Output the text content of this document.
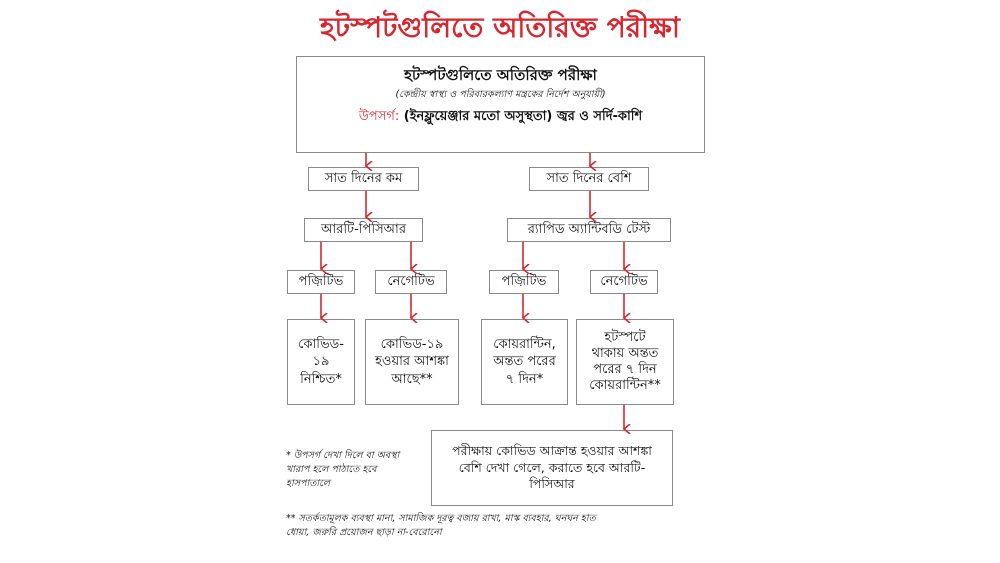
হটস্পটগুলিতে অতিরিক্ত পরীক্ষা
হটস্পটগুলিতে অতিরিক্ত পরীক্ষা
(কেন্দ্রীয় স্বাস্থ্য ও পরিবারকল্যাণ মন্ত্রকের নির্দেশ অনুযায়ী)
উপসর্গ: (ইনফ্লুয়েঞ্জার মতো অসুস্থতা) জ্বর ও সর্দি-কাশি
সাত দিনের কম
আরটি-পিসিআর
পজ়িটিভ	নেগেটিভ
কোভিড-
১৯
নিশ্চিত*
কোভিড-১৯
হওয়ার আশঙ্কা
আছে**
সাত দিনের বেশি
র‌্যাপিড অ্যান্টিবডি টেস্ট
পজ়িটিভ	নেগেটিভ
কোয়রান্টিন,
অন্তত পরের
৭ দিন*
হটস্পটে
থাকায় অন্তত
পরের ৭ দিন
কোয়রান্টিন**
পরীক্ষায় কোভিড আক্রান্ত হওয়ার আশঙ্কা
বেশি দেখা গেলে, করাতে হবে আরটি-
পিসিআর
* উপসর্গ দেখা দিলে বা অবস্থা
খারাপ হলে পাঠাতে হবে
হাসপাতালে
** সতর্কতামূলক ব্যবস্থা মানা, সামাজিক দূরত্ব বজায় রাখা, মাস্ক ব্যবহার, ঘনঘন হাত
ধোয়া, জরুরি প্রয়োজন ছাড়া না-বেরোনো
